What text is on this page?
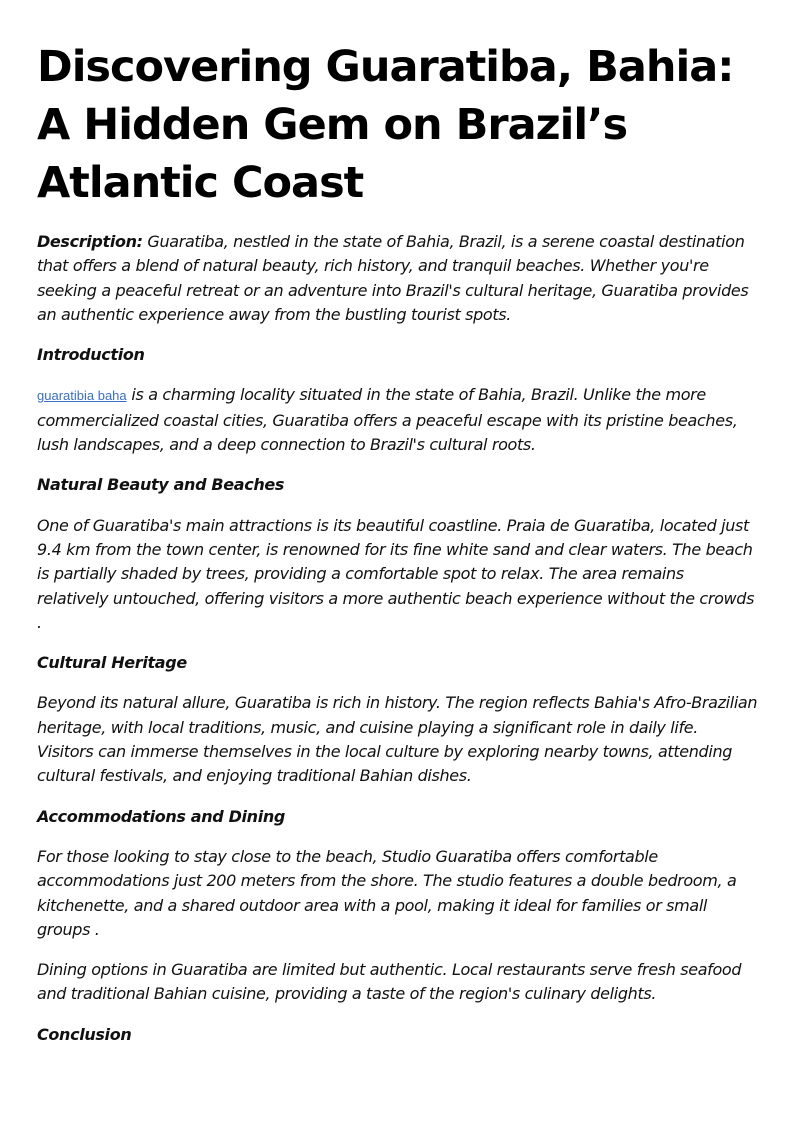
Discovering Guaratiba, Bahia: A Hidden Gem on Brazil’s Atlantic Coast

Description: Guaratiba, nestled in the state of Bahia, Brazil, is a serene coastal destination that offers a blend of natural beauty, rich history, and tranquil beaches. Whether you're seeking a peaceful retreat or an adventure into Brazil's cultural heritage, Guaratiba provides an authentic experience away from the bustling tourist spots.

Introduction

guaratibia baha is a charming locality situated in the state of Bahia, Brazil. Unlike the more commercialized coastal cities, Guaratiba offers a peaceful escape with its pristine beaches, lush landscapes, and a deep connection to Brazil's cultural roots.

Natural Beauty and Beaches

One of Guaratiba's main attractions is its beautiful coastline. Praia de Guaratiba, located just 9.4 km from the town center, is renowned for its fine white sand and clear waters. The beach is partially shaded by trees, providing a comfortable spot to relax. The area remains relatively untouched, offering visitors a more authentic beach experience without the crowds .

Cultural Heritage

Beyond its natural allure, Guaratiba is rich in history. The region reflects Bahia's Afro-Brazilian heritage, with local traditions, music, and cuisine playing a significant role in daily life. Visitors can immerse themselves in the local culture by exploring nearby towns, attending cultural festivals, and enjoying traditional Bahian dishes.

Accommodations and Dining

For those looking to stay close to the beach, Studio Guaratiba offers comfortable accommodations just 200 meters from the shore. The studio features a double bedroom, a kitchenette, and a shared outdoor area with a pool, making it ideal for families or small groups .

Dining options in Guaratiba are limited but authentic. Local restaurants serve fresh seafood and traditional Bahian cuisine, providing a taste of the region's culinary delights.

Conclusion
